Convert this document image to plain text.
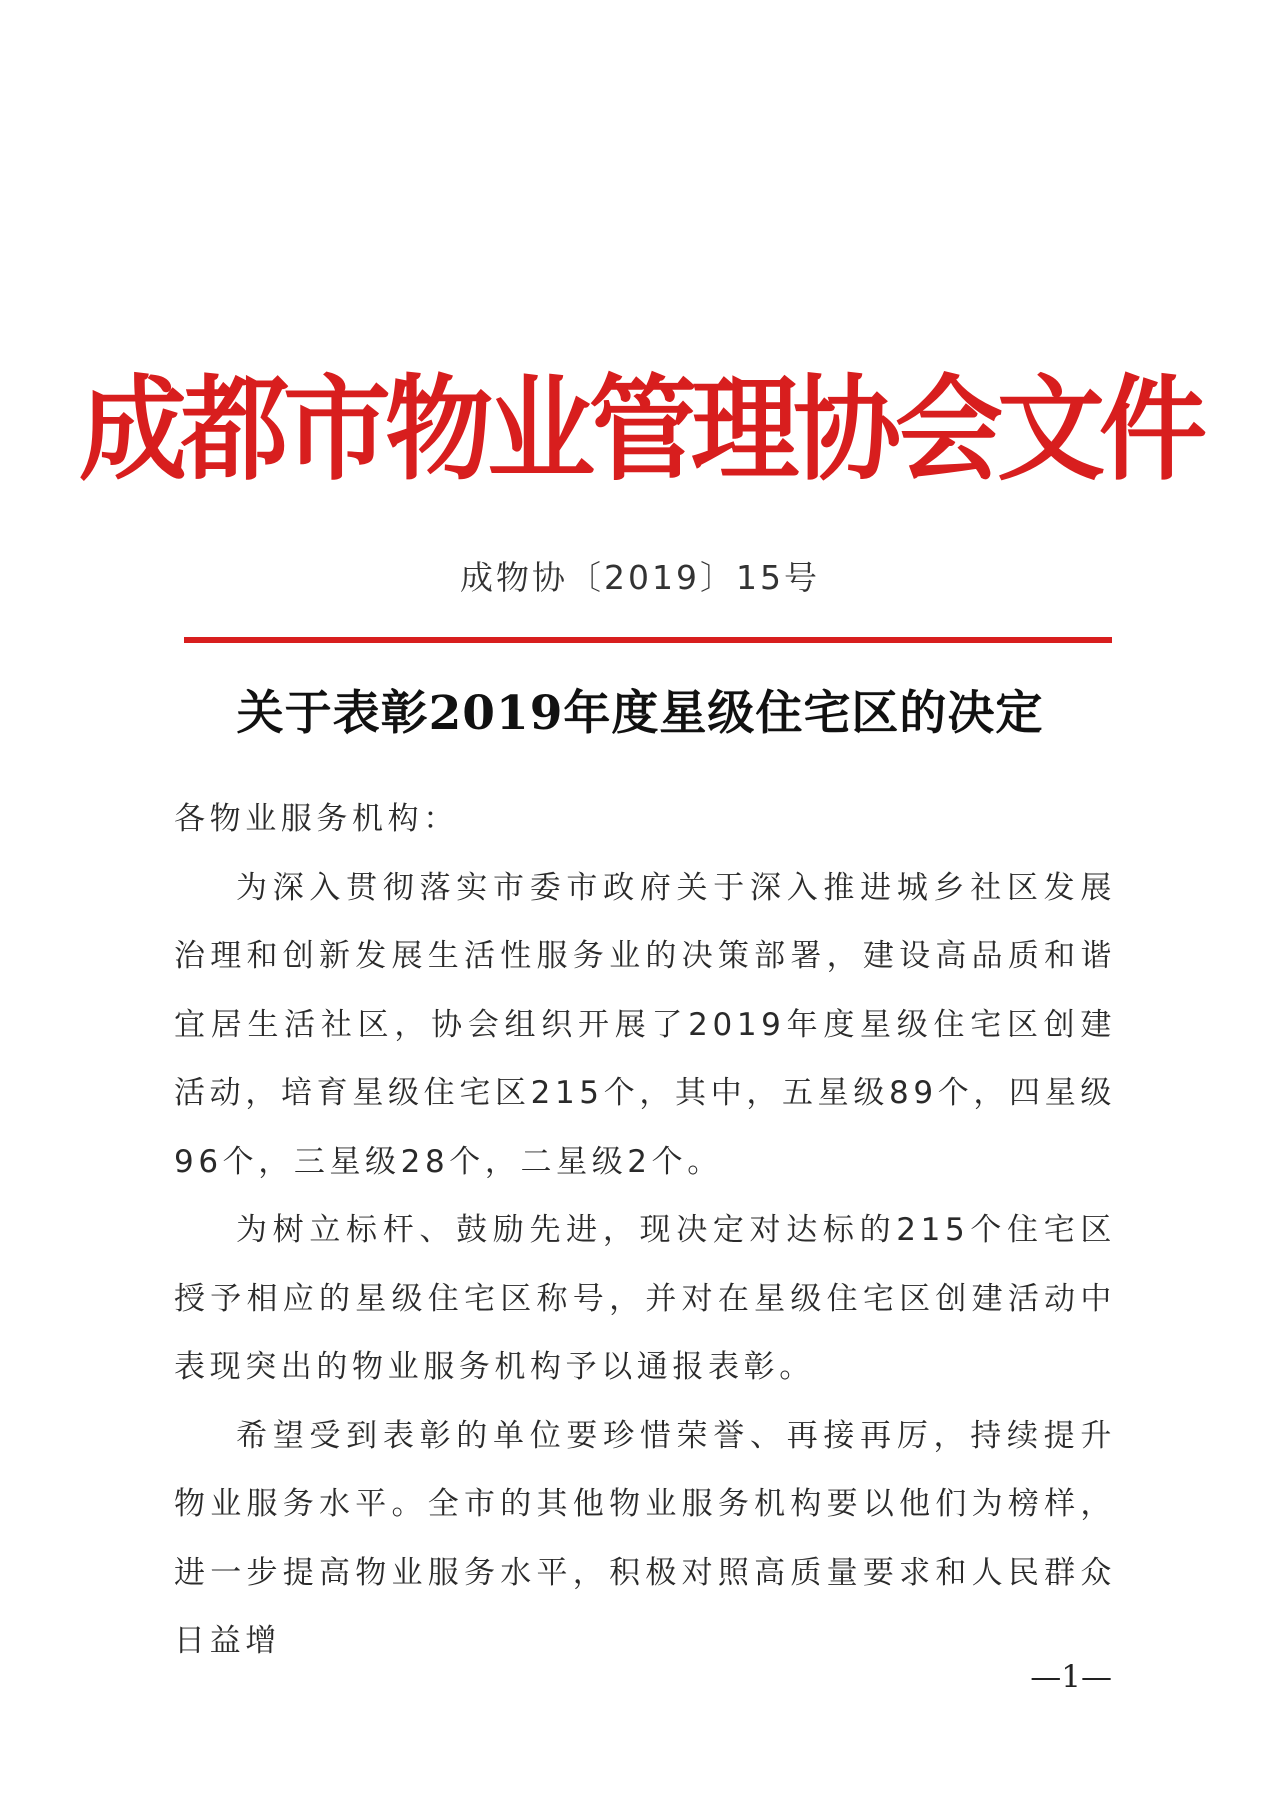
成都市物业管理协会文件
成物协〔2019〕15号
关于表彰2019年度星级住宅区的决定

各物业服务机构：

为深入贯彻落实市委市政府关于深入推进城乡社区发展治理和创新发展生活性服务业的决策部署，建设高品质和谐宜居生活社区，协会组织开展了2019年度星级住宅区创建活动，培育星级住宅区215个，其中，五星级89个，四星级96个，三星级28个，二星级2个。

为树立标杆、鼓励先进，现决定对达标的215个住宅区授予相应的星级住宅区称号，并对在星级住宅区创建活动中表现突出的物业服务机构予以通报表彰。

希望受到表彰的单位要珍惜荣誉、再接再厉，持续提升物业服务水平。全市的其他物业服务机构要以他们为榜样，进一步提高物业服务水平，积极对照高质量要求和人民群众日益增

—1—
